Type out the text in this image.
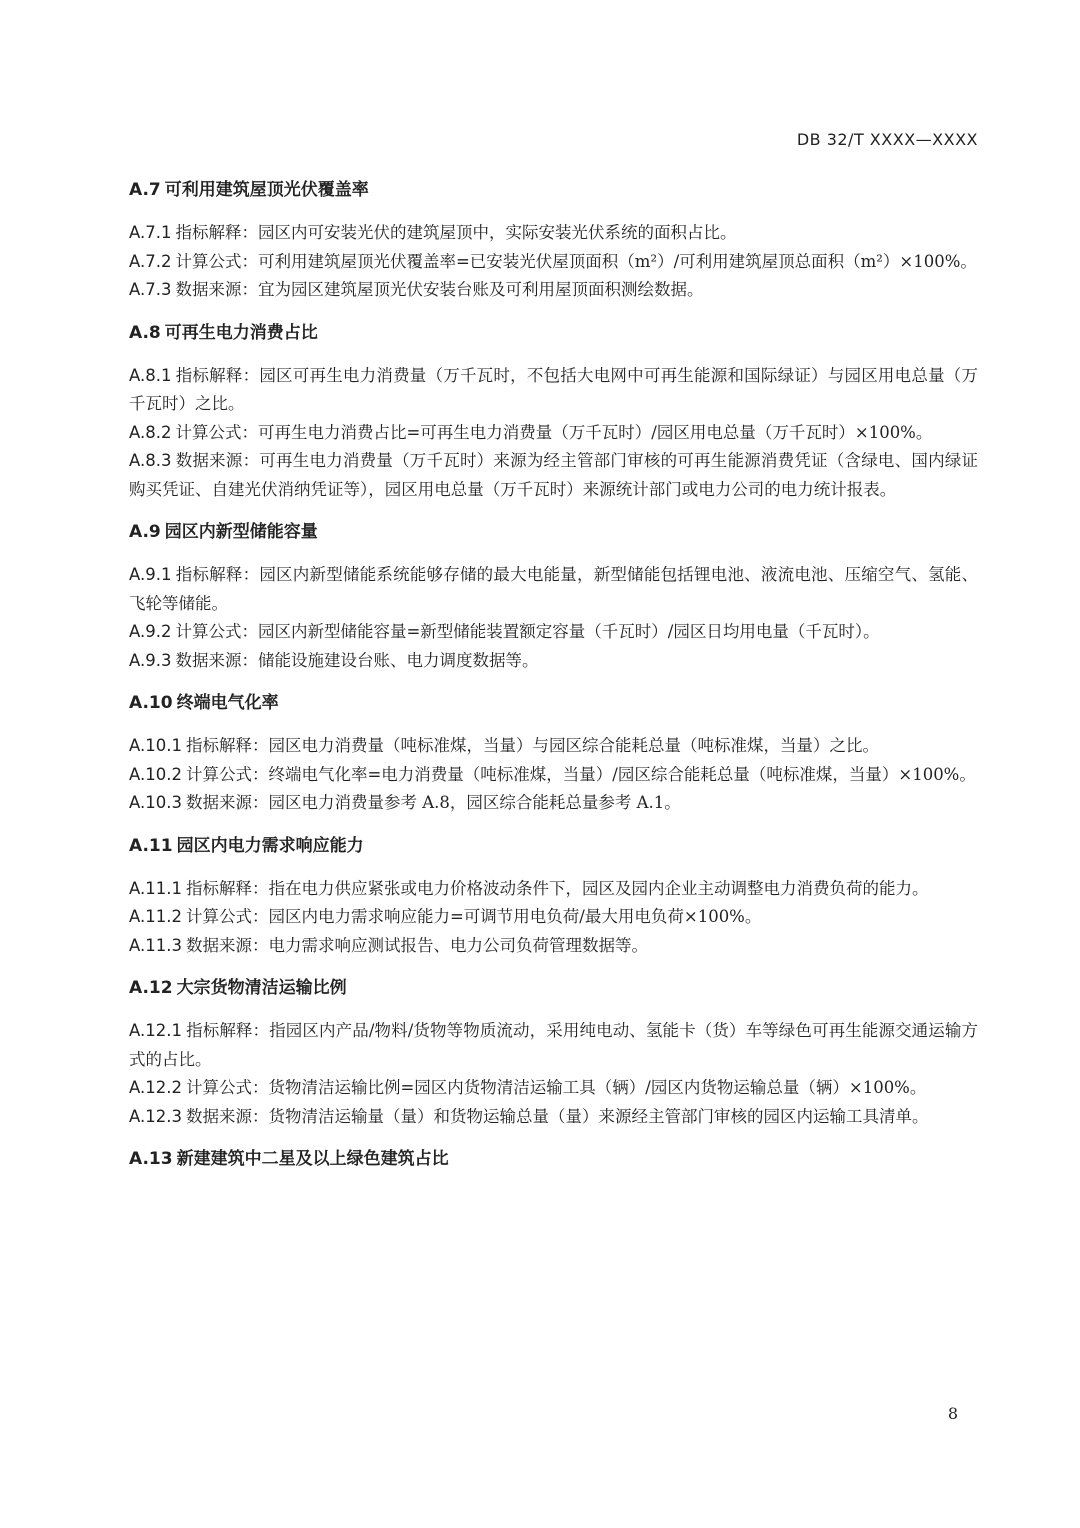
DB 32/T XXXX—XXXX
A.7 可利用建筑屋顶光伏覆盖率

A.7.1 指标解释：园区内可安装光伏的建筑屋顶中，实际安装光伏系统的面积占比。

A.7.2 计算公式：可利用建筑屋顶光伏覆盖率=已安装光伏屋顶面积（m²）/可利用建筑屋顶总面积（m²）×100%。

A.7.3 数据来源：宜为园区建筑屋顶光伏安装台账及可利用屋顶面积测绘数据。

A.8 可再生电力消费占比

A.8.1 指标解释：园区可再生电力消费量（万千瓦时，不包括大电网中可再生能源和国际绿证）与园区用电总量（万千瓦时）之比。

A.8.2 计算公式：可再生电力消费占比=可再生电力消费量（万千瓦时）/园区用电总量（万千瓦时）×100%。

A.8.3 数据来源：可再生电力消费量（万千瓦时）来源为经主管部门审核的可再生能源消费凭证（含绿电、国内绿证购买凭证、自建光伏消纳凭证等），园区用电总量（万千瓦时）来源统计部门或电力公司的电力统计报表。

A.9 园区内新型储能容量

A.9.1 指标解释：园区内新型储能系统能够存储的最大电能量，新型储能包括锂电池、液流电池、压缩空气、氢能、飞轮等储能。

A.9.2 计算公式：园区内新型储能容量=新型储能装置额定容量（千瓦时）/园区日均用电量（千瓦时）。

A.9.3 数据来源：储能设施建设台账、电力调度数据等。

A.10 终端电气化率

A.10.1 指标解释：园区电力消费量（吨标准煤，当量）与园区综合能耗总量（吨标准煤，当量）之比。

A.10.2 计算公式：终端电气化率=电力消费量（吨标准煤，当量）/园区综合能耗总量（吨标准煤，当量）×100%。

A.10.3 数据来源：园区电力消费量参考 A.8，园区综合能耗总量参考 A.1。

A.11 园区内电力需求响应能力

A.11.1 指标解释：指在电力供应紧张或电力价格波动条件下，园区及园内企业主动调整电力消费负荷的能力。

A.11.2 计算公式：园区内电力需求响应能力=可调节用电负荷/最大用电负荷×100%。

A.11.3 数据来源：电力需求响应测试报告、电力公司负荷管理数据等。

A.12 大宗货物清洁运输比例

A.12.1 指标解释：指园区内产品/物料/货物等物质流动，采用纯电动、氢能卡（货）车等绿色可再生能源交通运输方式的占比。

A.12.2 计算公式：货物清洁运输比例=园区内货物清洁运输工具（辆）/园区内货物运输总量（辆）×100%。

A.12.3 数据来源：货物清洁运输量（量）和货物运输总量（量）来源经主管部门审核的园区内运输工具清单。

A.13 新建建筑中二星及以上绿色建筑占比
8
